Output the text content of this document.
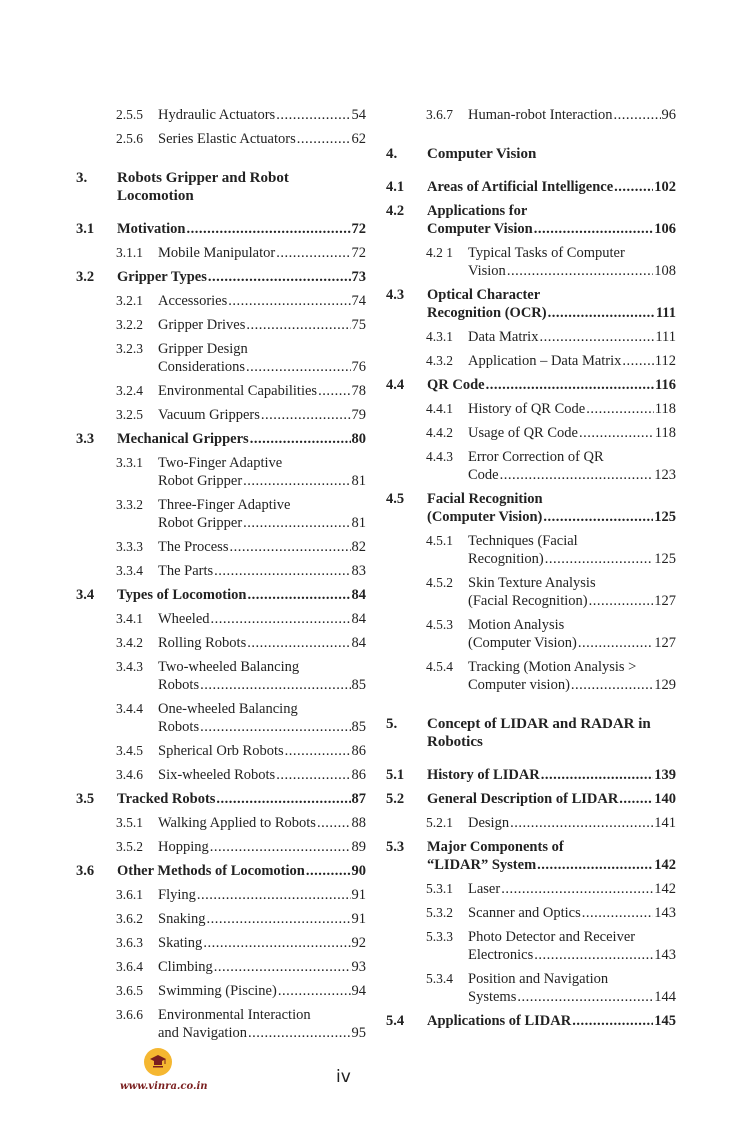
2.5.5 Hydraulic Actuators .....	54
2.5.6 Series Elastic Actuators .....	62
3. Robots Gripper and Robot
Locomotion
3.1 Motivation .....	72
3.1.1 Mobile Manipulator .....	72
3.2 Gripper Types .....	73
3.2.1 Accessories .....	74
3.2.2 Gripper Drives .....	75
3.2.3 Gripper Design
Considerations .....	76
3.2.4 Environmental Capabilities ..... 78
3.2.5 Vacuum Grippers .....	79
3.3 Mechanical Grippers .....	80
3.3.1 Two-Finger Adaptive
Robot Gripper .....	81
3.3.2 Three-Finger Adaptive
Robot Gripper .....	81
3.3.3 The Process .....	82
3.3.4 The Parts .....	83
3.4 Types of Locomotion .....	84
3.4.1 Wheeled .....	84
3.4.2 Rolling Robots .....	84
3.4.3 Two-wheeled Balancing
Robots .....	85
3.4.4 One-wheeled Balancing
Robots .....	85
3.4.5 Spherical Orb Robots .....	86
3.4.6 Six-wheeled Robots .....	86
3.5 Tracked Robots .....	87
3.5.1 Walking Applied to Robots ..... 88
3.5.2 Hopping .....	89
3.6 Other Methods of Locomotion .....	90
3.6.1 Flying .....	91
3.6.2 Snaking .....	91
3.6.3 Skating .....	92
3.6.4 Climbing .....	93
3.6.5 Swimming (Piscine) .....	94
3.6.6 Environmental Interaction
and Navigation .....	95
3.6.7 Human-robot Interaction .....	96
4. Computer Vision
4.1 Areas of Artificial Intelligence .....	102
4.2 Applications for
Computer Vision .....	106
4.2 1 Typical Tasks of Computer
Vision .....	108
4.3 Optical Character
Recognition (OCR) .....	111
4.3.1 Data Matrix .....	111
4.3.2 Application – Data Matrix ..... 112
4.4 QR Code .....	116
4.4.1 History of QR Code .....	118
4.4.2 Usage of QR Code .....	118
4.4.3 Error Correction of QR
Code .....	123
4.5 Facial Recognition
(Computer Vision) .....	125
4.5.1 Techniques (Facial
Recognition) .....	125
4.5.2 Skin Texture Analysis
(Facial Recognition) .....	127
4.5.3 Motion Analysis
(Computer Vision) .....	127
4.5.4 Tracking (Motion Analysis >
Computer vision) .....	129
5. Concept of LIDAR and RADAR in
Robotics
5.1 History of LIDAR .....	139
5.2 General Description of LIDAR ..... 140
5.2.1 Design .....	141
5.3 Major Components of
“LIDAR” System .....	142
5.3.1 Laser .....	142
5.3.2 Scanner and Optics .....	143
5.3.3 Photo Detector and Receiver
Electronics .....	143
5.3.4 Position and Navigation
Systems .....	144
5.4 Applications of LIDAR .....	145
www.vinra.co.in	iv
